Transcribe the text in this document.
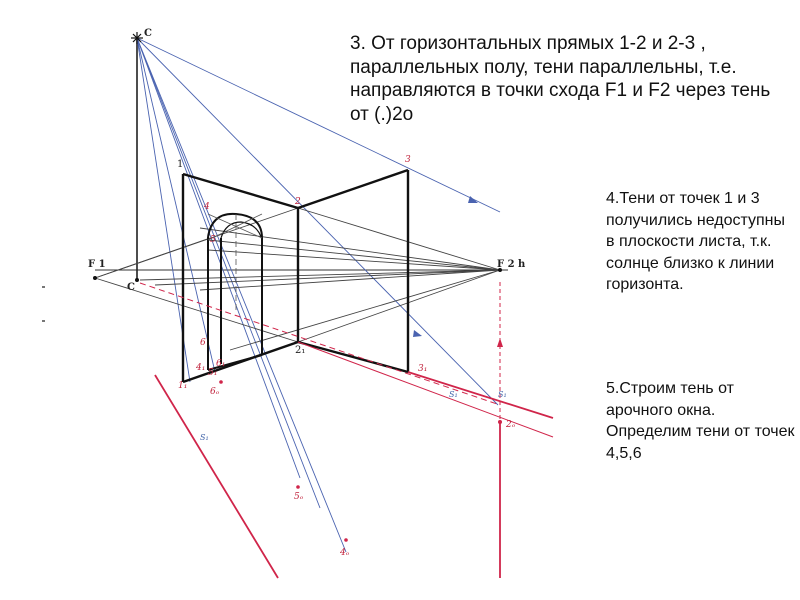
C
C
F 1	F 2 h
1
2
3
4
5
6
1₁
2₁
3₁
6₁
4₁ 5₁
S₁
S₁	S₁
2ₒ
6ₒ
5ₒ
4ₒ
3. От горизонтальных прямых 1-2 и 2-3 , параллельных полу, тени параллельны, т.е. направляются в точки схода F1 и F2 через тень от (.)2о
4.Тени от точек 1 и 3 получились недоступны в плоскости листа, т.к. солнце близко к линии горизонта.
5.Строим тень от арочного окна. Определим тени от точек 4,5,6
